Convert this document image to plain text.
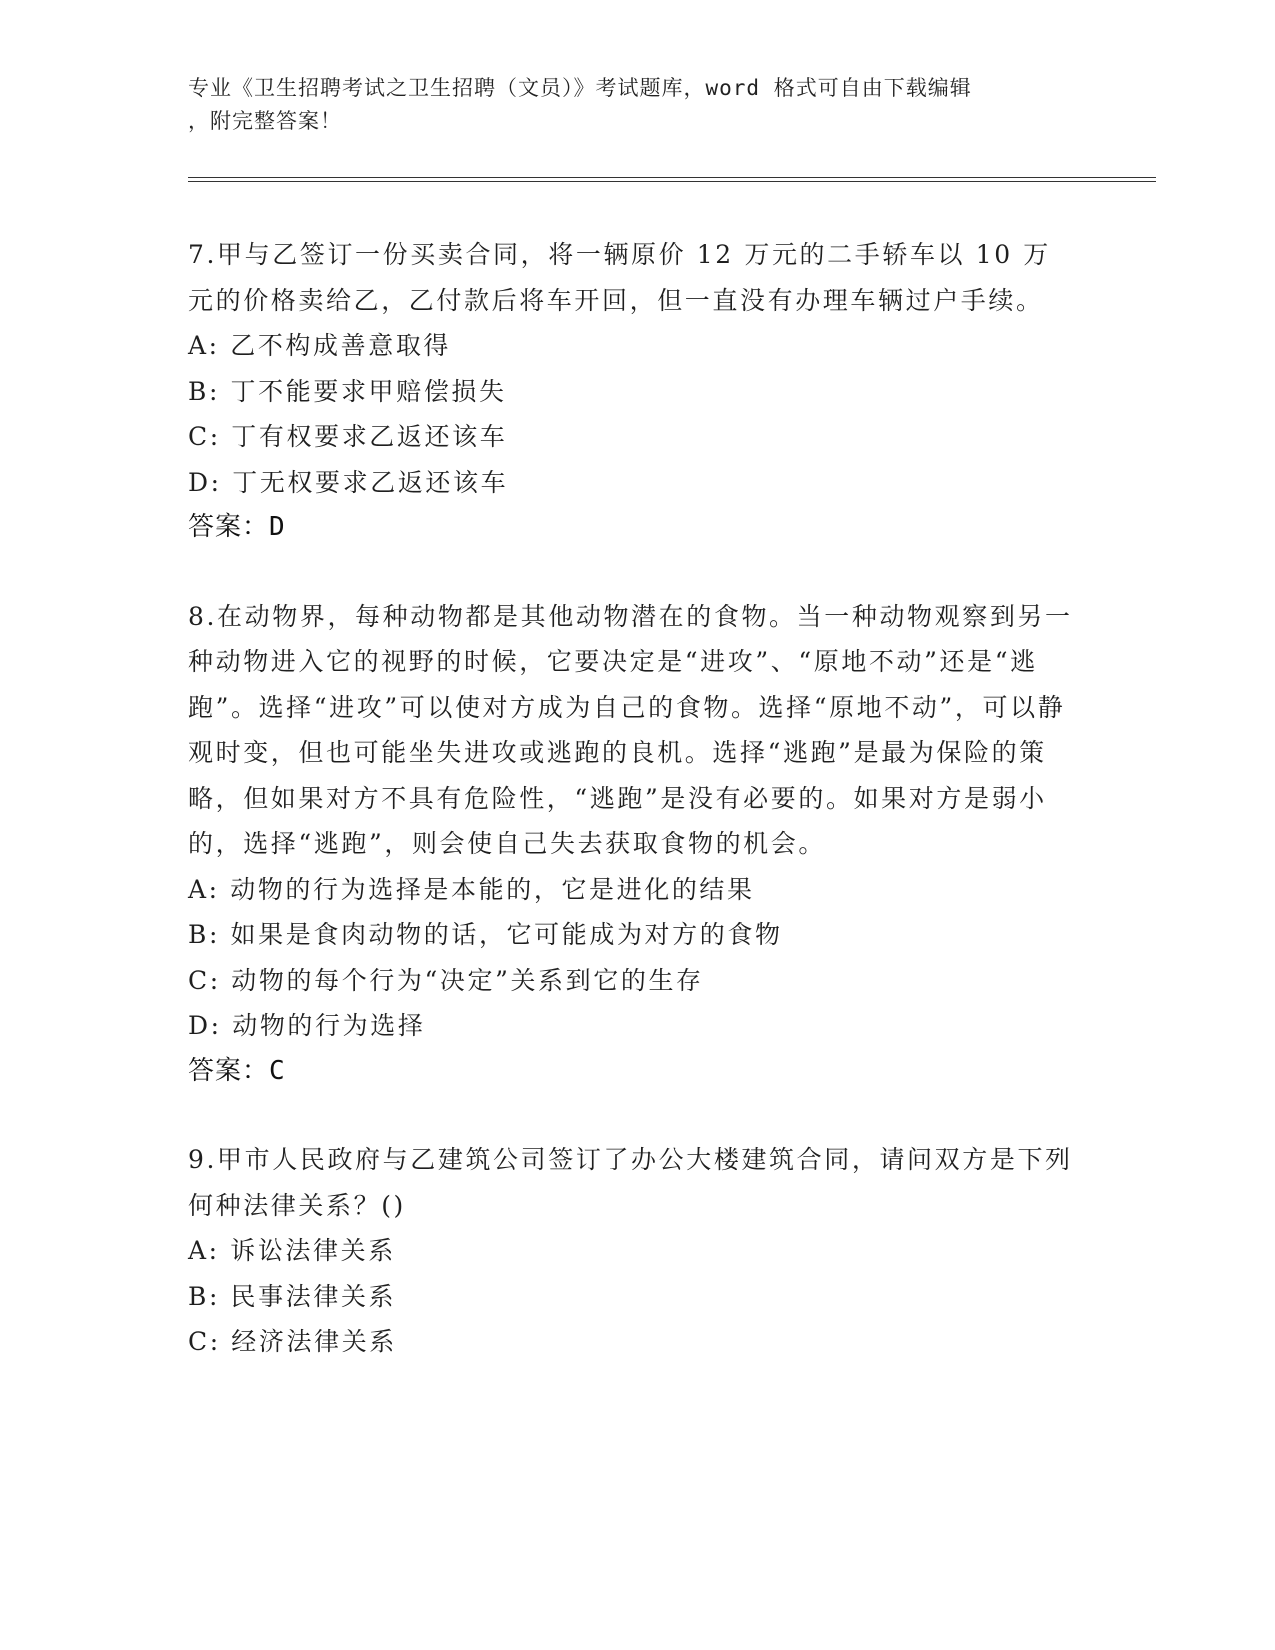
专业《卫生招聘考试之卫生招聘（文员）》考试题库，word 格式可自由下载编辑
，附完整答案！

7.甲与乙签订一份买卖合同，将一辆原价 12 万元的二手轿车以 10 万元的价格卖给乙，乙付款后将车开回，但一直没有办理车辆过户手续。

A: 乙不构成善意取得

B: 丁不能要求甲赔偿损失

C: 丁有权要求乙返还该车

D: 丁无权要求乙返还该车

答案：D

8.在动物界，每种动物都是其他动物潜在的食物。当一种动物观察到另一种动物进入它的视野的时候，它要决定是“进攻”、“原地不动”还是“逃跑”。选择“进攻”可以使对方成为自己的食物。选择“原地不动”，可以静观时变，但也可能坐失进攻或逃跑的良机。选择“逃跑”是最为保险的策略，但如果对方不具有危险性，“逃跑”是没有必要的。如果对方是弱小的，选择“逃跑”，则会使自己失去获取食物的机会。

A: 动物的行为选择是本能的，它是进化的结果

B: 如果是食肉动物的话，它可能成为对方的食物

C: 动物的每个行为“决定”关系到它的生存

D: 动物的行为选择

答案：C

9.甲市人民政府与乙建筑公司签订了办公大楼建筑合同，请问双方是下列何种法律关系？()

A: 诉讼法律关系

B: 民事法律关系

C: 经济法律关系
